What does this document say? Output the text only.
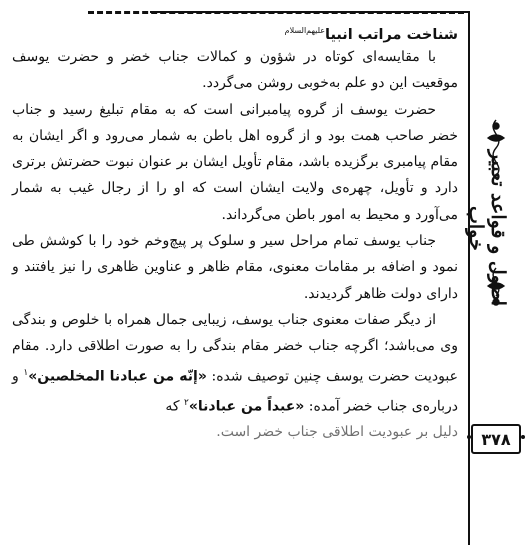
شناخت مراتب انبیا$^{علیهم‌السلام}$

با مقایسه‌ای کوتاه در شؤون و کمالات جناب خضر و حضرت یوسف موقعیت این دو علم به‌خوبی روشن می‌گردد.

حضرت یوسف از گروه پیامبرانی است که به مقام تبلیغ رسید و جناب خضر صاحب همت بود و از گروه اهل باطن به شمار می‌رود و اگر ایشان به مقام پیامبری برگزیده باشد، مقام تأویل ایشان بر عنوان نبوت حضرتش برتری دارد و تأویل، چهره‌ی ولایت ایشان است که او را از رجال غیب به شمار می‌آورد و محیط به امور باطن می‌گرداند.

جناب یوسف تمام مراحل سیر و سلوک پر پیچ‌وخم خود را با کوشش طی نمود و اضافه بر مقامات معنوی، مقام ظاهر و عناوین ظاهری را نیز یافتند و دارای دولت ظاهر گردیدند.

از دیگر صفات معنوی جناب یوسف، زیبایی جمال همراه با خلوص و بندگی وی می‌باشد؛ اگرچه جناب خضر مقام بندگی را به صورت اطلاقی دارد. مقام عبودیت حضرت یوسف چنین توصیف شده: «إنّه من عبادنا المخلصین»$^۱$ و درباره‌ی جناب خضر آمده: «عبداً من عبادنا»$^۲$ که

دلیل بر عبودیت اطلاقی جناب خضر است.
اصول و قواعد تعبیر خواب
۳۷۸
